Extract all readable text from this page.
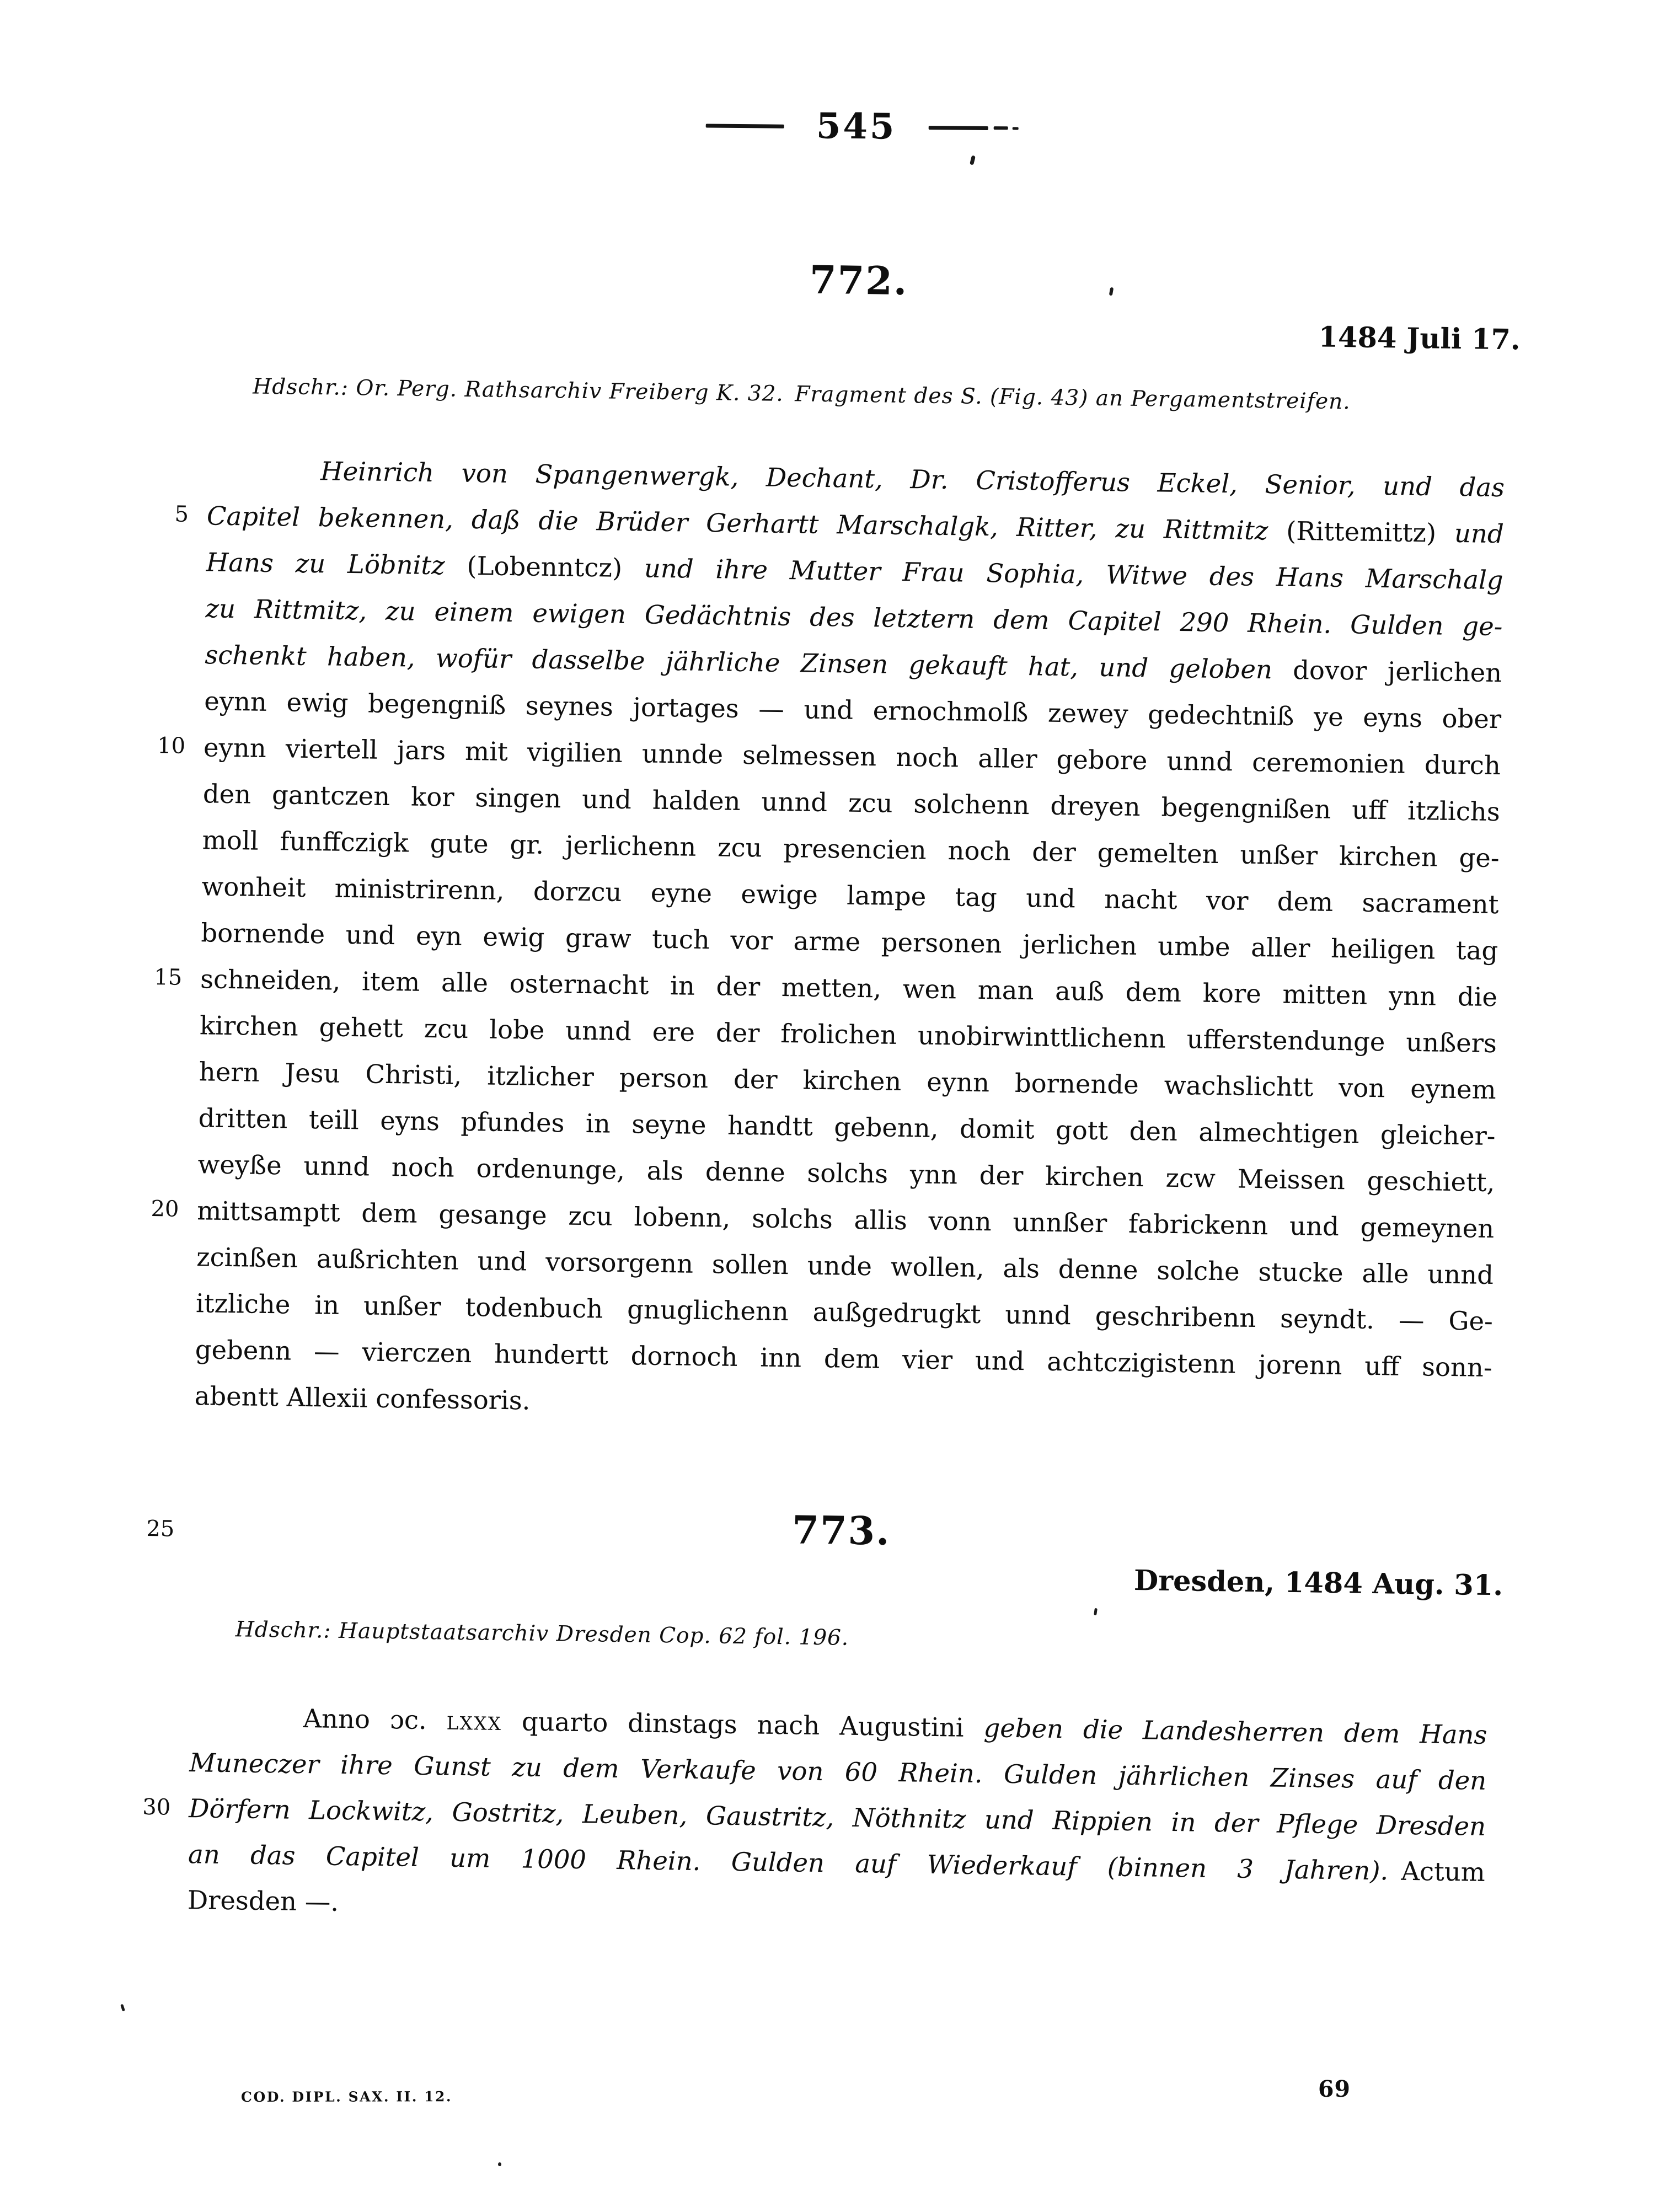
545
772.
1484 Juli 17.
Hdschr.: Or. Perg. Rathsarchiv Freiberg K. 32. Fragment des S. (Fig. 43) an Pergamentstreifen.
Heinrich von Spangenwergk, Dechant, Dr. Cristofferus Eckel, Senior, und das
Capitel bekennen, daß die Brüder Gerhartt Marschalgk, Ritter, zu Rittmitz (Rittemittz) und
Hans zu Löbnitz (Lobenntcz) und ihre Mutter Frau Sophia, Witwe des Hans Marschalg
zu Rittmitz, zu einem ewigen Gedächtnis des letztern dem Capitel 290 Rhein. Gulden ge-
schenkt haben, wofür dasselbe jährliche Zinsen gekauft hat, und geloben dovor jerlichen
eynn ewig begengniß seynes jortages — und ernochmolß zewey gedechtniß ye eyns ober
eynn viertell jars mit vigilien unnde selmessen noch aller gebore unnd ceremonien durch
den gantczen kor singen und halden unnd zcu solchenn dreyen begengnißen uff itzlichs
moll funffczigk gute gr. jerlichenn zcu presencien noch der gemelten unßer kirchen ge-
wonheit ministrirenn, dorzcu eyne ewige lampe tag und nacht vor dem sacrament
bornende und eyn ewig graw tuch vor arme personen jerlichen umbe aller heiligen tag
schneiden, item alle osternacht in der metten, wen man auß dem kore mitten ynn die
kirchen gehett zcu lobe unnd ere der frolichen unobirwinttlichenn ufferstendunge unßers
hern Jesu Christi, itzlicher person der kirchen eynn bornende wachslichtt von eynem
dritten teill eyns pfundes in seyne handtt gebenn, domit gott den almechtigen gleicher-
weyße unnd noch ordenunge, als denne solchs ynn der kirchen zcw Meissen geschiett,
mittsamptt dem gesange zcu lobenn, solchs allis vonn unnßer fabrickenn und gemeynen
zcinßen außrichten und vorsorgenn sollen unde wollen, als denne solche stucke alle unnd
itzliche in unßer todenbuch gnuglichenn außgedrugkt unnd geschribenn seyndt. — Ge-
gebenn — vierczen hundertt dornoch inn dem vier und achtczigistenn jorenn uff sonn-
abentt Allexii confessoris.
5
10
15
20
25	773.
Dresden, 1484 Aug. 31.
Hdschr.: Hauptstaatsarchiv Dresden Cop. 62 fol. 196.
Anno ɔc. lxxx quarto dinstags nach Augustini geben die Landesherren dem Hans
Muneczer ihre Gunst zu dem Verkaufe von 60 Rhein. Gulden jährlichen Zinses auf den
Dörfern Lockwitz, Gostritz, Leuben, Gaustritz, Nöthnitz und Rippien in der Pflege Dresden
an das Capitel um 1000 Rhein. Gulden auf Wiederkauf (binnen 3 Jahren). Actum
Dresden —.
30
COD. DIPL. SAX. II. 12.	69
